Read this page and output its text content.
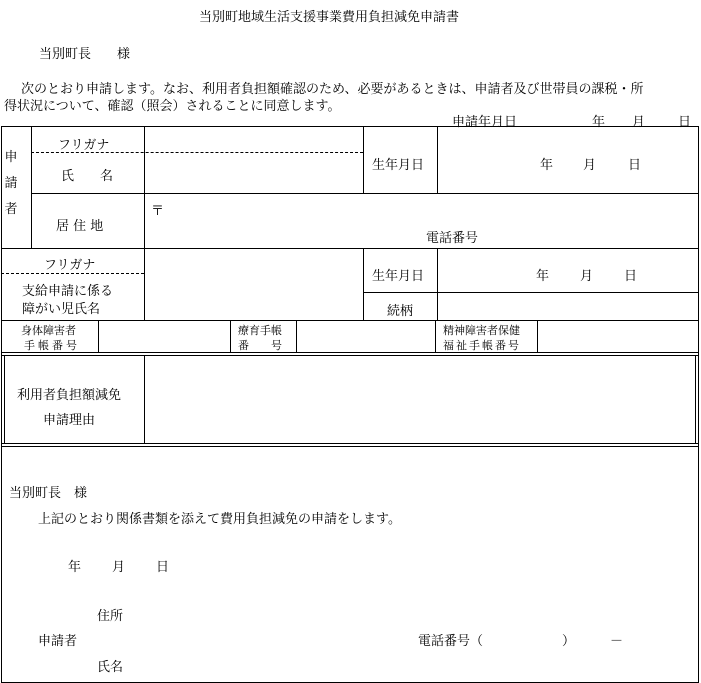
当別町地域生活支援事業費用負担減免申請書
当別町長　　様
次のとおり申請します。なお、利用者負担額確認のため、必要があるときは、申請者及び世帯員の課税・所
得状況について、確認（照会）されることに同意します。
申請年月日	年 月	日
申請者
フリガナ
氏　　名
生年月日	年 月 日
居 住 地
〒
電話番号
フリガナ
支給申請に係る
障がい児氏名
生年月日	年 月 日
続柄
身体障害者
手帳番号
療育手帳
番　　号
精神障害者保健
福祉手帳番号
利用者負担額減免
申請理由
当別町長　様
上記のとおり関係書類を添えて費用負担減免の申請をします。
年 月 日
住所
申請者	電話番号（	）	－
氏名
